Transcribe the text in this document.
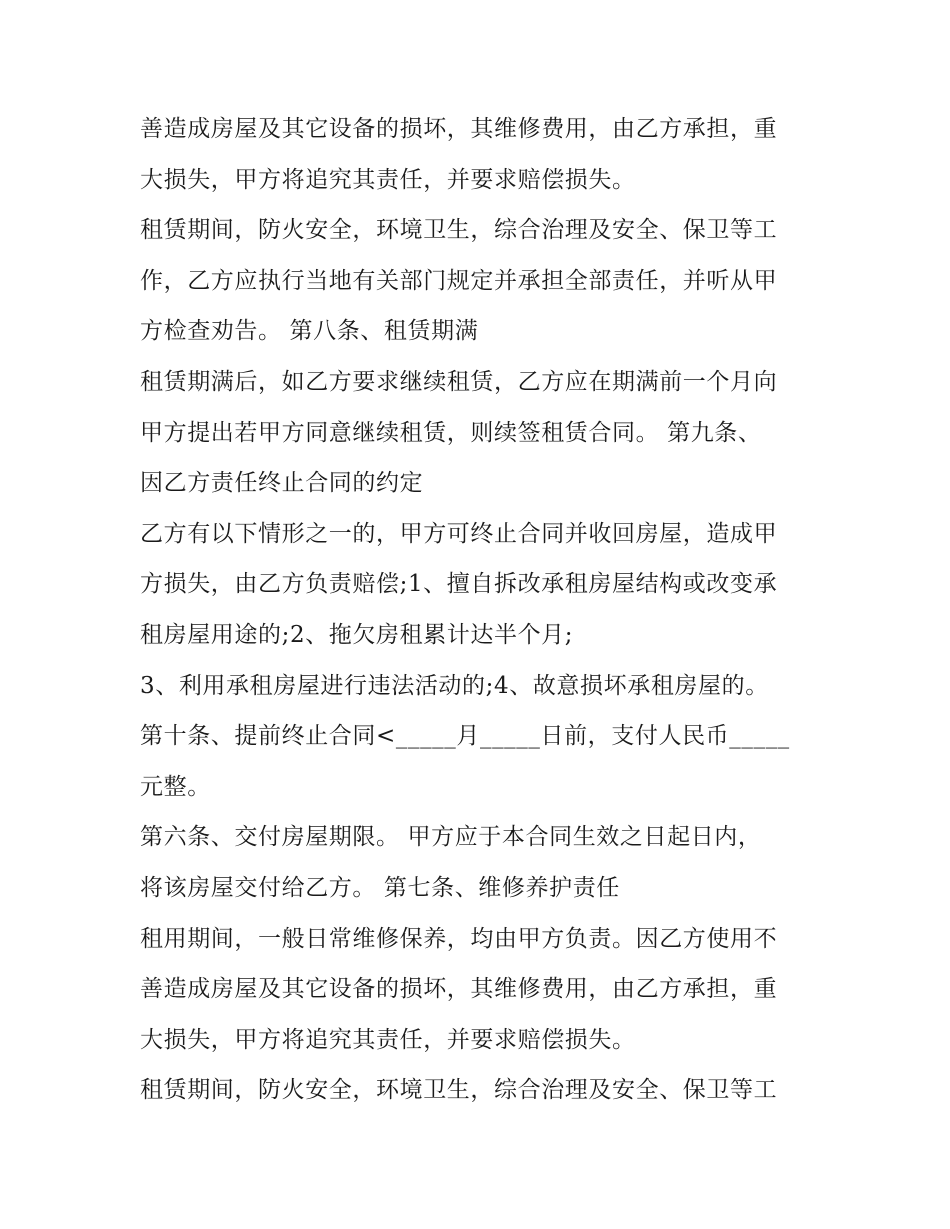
善造成房屋及其它设备的损坏，其维修费用，由乙方承担，重
大损失，甲方将追究其责任，并要求赔偿损失。
租赁期间，防火安全，环境卫生，综合治理及安全、保卫等工
作，乙方应执行当地有关部门规定并承担全部责任，并听从甲
方检查劝告。 第八条、租赁期满
租赁期满后，如乙方要求继续租赁，乙方应在期满前一个月向
甲方提出若甲方同意继续租赁，则续签租赁合同。 第九条、
因乙方责任终止合同的约定
乙方有以下情形之一的，甲方可终止合同并收回房屋，造成甲
方损失，由乙方负责赔偿;1、擅自拆改承租房屋结构或改变承
租房屋用途的;2、拖欠房租累计达半个月;
3、利用承租房屋进行违法活动的;4、故意损坏承租房屋的。
第十条、提前终止合同<_____月_____日前，支付人民币_____
元整。
第六条、交付房屋期限。 甲方应于本合同生效之日起日内，
将该房屋交付给乙方。 第七条、维修养护责任
租用期间，一般日常维修保养，均由甲方负责。因乙方使用不
善造成房屋及其它设备的损坏，其维修费用，由乙方承担，重
大损失，甲方将追究其责任，并要求赔偿损失。
租赁期间，防火安全，环境卫生，综合治理及安全、保卫等工
